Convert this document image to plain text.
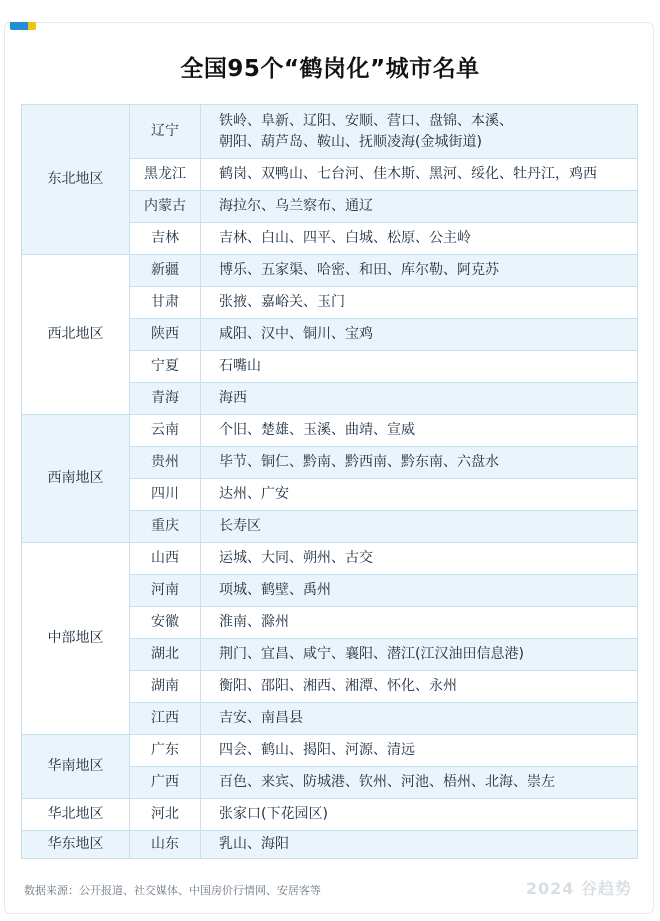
全国95个“鹤岗化”城市名单
东北地区	辽宁	铁岭、阜新、辽阳、安顺、营口、盘锦、本溪、
朝阳、葫芦岛、鞍山、抚顺凌海(金城街道)
	黑龙江	鹤岗、双鸭山、七台河、佳木斯、黑河、绥化、牡丹江，鸡西
	内蒙古	海拉尔、乌兰察布、通辽
	吉林	吉林、白山、四平、白城、松原、公主岭
西北地区	新疆	博乐、五家渠、哈密、和田、库尔勒、阿克苏
	甘肃	张掖、嘉峪关、玉门
	陕西	咸阳、汉中、铜川、宝鸡
	宁夏	石嘴山
	青海	海西
西南地区	云南	个旧、楚雄、玉溪、曲靖、宣威
	贵州	毕节、铜仁、黔南、黔西南、黔东南、六盘水
	四川	达州、广安
	重庆	长寿区
中部地区	山西	运城、大同、朔州、古交
	河南	项城、鹤壁、禹州
	安徽	淮南、滁州
	湖北	荆门、宜昌、咸宁、襄阳、潜江(江汉油田信息港)
	湖南	衡阳、邵阳、湘西、湘潭、怀化、永州
	江西	吉安、南昌县
华南地区	广东	四会、鹤山、揭阳、河源、清远
	广西	百色、来宾、防城港、钦州、河池、梧州、北海、崇左
华北地区	河北	张家口(下花园区)
华东地区	山东	乳山、海阳
数据来源：公开报道、社交媒体、中国房价行情网、安居客等	2024 谷趋势
